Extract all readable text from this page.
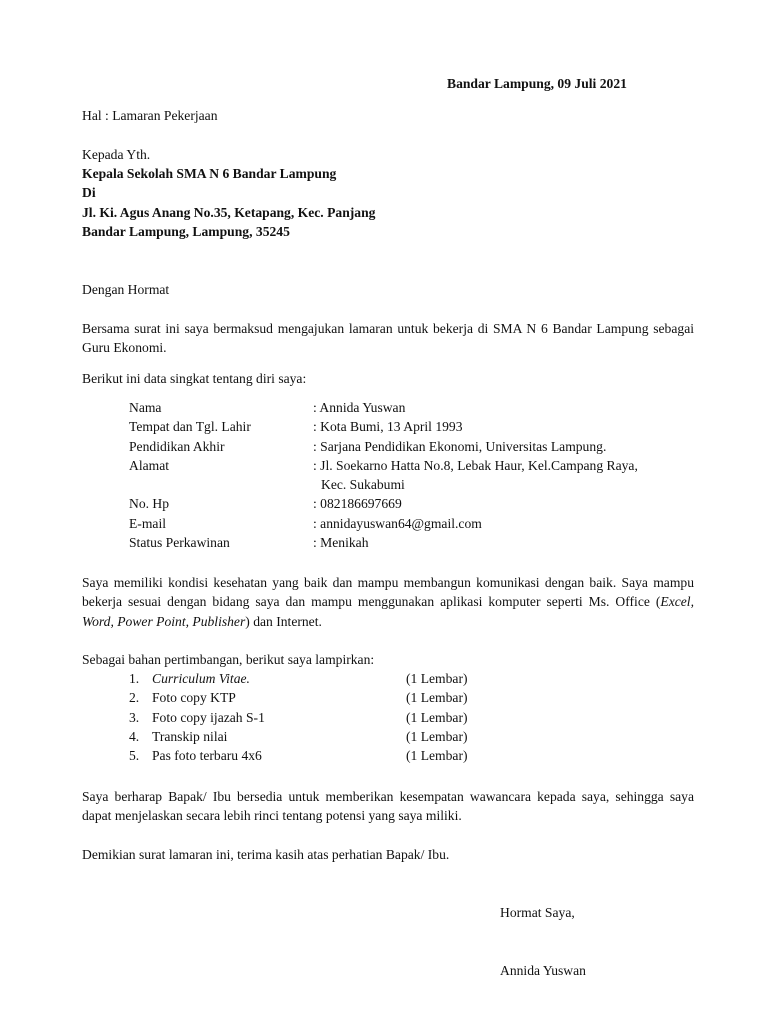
Bandar Lampung, 09 Juli 2021
Hal : Lamaran Pekerjaan
Kepada Yth.
Kepala Sekolah SMA N 6 Bandar Lampung
Di
Jl. Ki. Agus Anang No.35, Ketapang, Kec. Panjang
Bandar Lampung, Lampung, 35245
Dengan Hormat
Bersama surat ini saya bermaksud mengajukan lamaran untuk bekerja di SMA N 6 Bandar Lampung sebagai Guru Ekonomi.
Berikut ini data singkat tentang diri saya:
Nama	: Annida Yuswan
Tempat dan Tgl. Lahir	: Kota Bumi, 13 April 1993
Pendidikan Akhir	: Sarjana Pendidikan Ekonomi, Universitas Lampung.
Alamat	: Jl. Soekarno Hatta No.8, Lebak Haur, Kel.Campang Raya,
Kec. Sukabumi
No. Hp	: 082186697669
E-mail	: annidayuswan64@gmail.com
Status Perkawinan	: Menikah
Saya memiliki kondisi kesehatan yang baik dan mampu membangun komunikasi dengan baik. Saya mampu bekerja sesuai dengan bidang saya dan mampu menggunakan aplikasi komputer seperti Ms. Office (Excel, Word, Power Point, Publisher) dan Internet.
Sebagai bahan pertimbangan, berikut saya lampirkan:
1. Curriculum Vitae.	(1 Lembar)
2. Foto copy KTP	(1 Lembar)
3. Foto copy ijazah S-1	(1 Lembar)
4. Transkip nilai	(1 Lembar)
5. Pas foto terbaru 4x6	(1 Lembar)
Saya berharap Bapak/ Ibu bersedia untuk memberikan kesempatan wawancara kepada saya, sehingga saya dapat menjelaskan secara lebih rinci tentang potensi yang saya miliki.
Demikian surat lamaran ini, terima kasih atas perhatian Bapak/ Ibu.
Hormat Saya,
Annida Yuswan
